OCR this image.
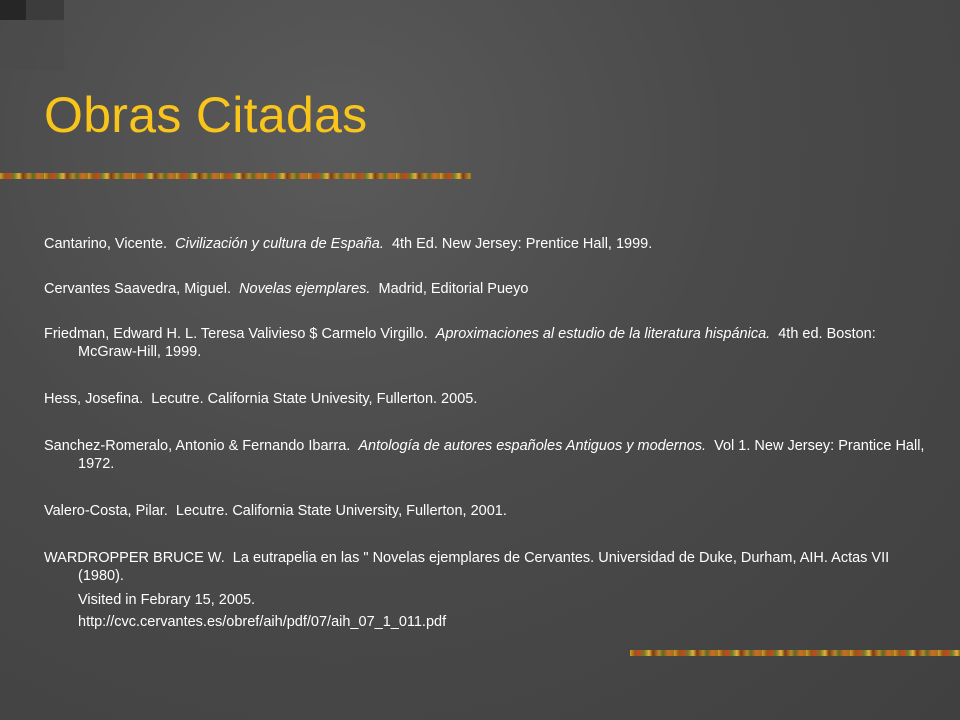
Obras Citadas
Cantarino, Vicente. Civilización y cultura de España. 4th Ed. New Jersey: Prentice Hall, 1999.
Cervantes Saavedra, Miguel. Novelas ejemplares. Madrid, Editorial Pueyo
Friedman, Edward H. L. Teresa Valivieso $ Carmelo Virgillo. Aproximaciones al estudio de la literatura hispánica. 4th ed. Boston: McGraw-Hill, 1999.
Hess, Josefina. Lecutre. California State Univesity, Fullerton. 2005.
Sanchez-Romeralo, Antonio & Fernando Ibarra. Antología de autores españoles Antiguos y modernos. Vol 1. New Jersey: Prantice Hall, 1972.
Valero-Costa, Pilar. Lecutre. California State University, Fullerton, 2001.
WARDROPPER BRUCE W. La eutrapelia en las " Novelas ejemplares de Cervantes. Universidad de Duke, Durham, AIH. Actas VII (1980).
Visited in Febrary 15, 2005.
http://cvc.cervantes.es/obref/aih/pdf/07/aih_07_1_011.pdf
